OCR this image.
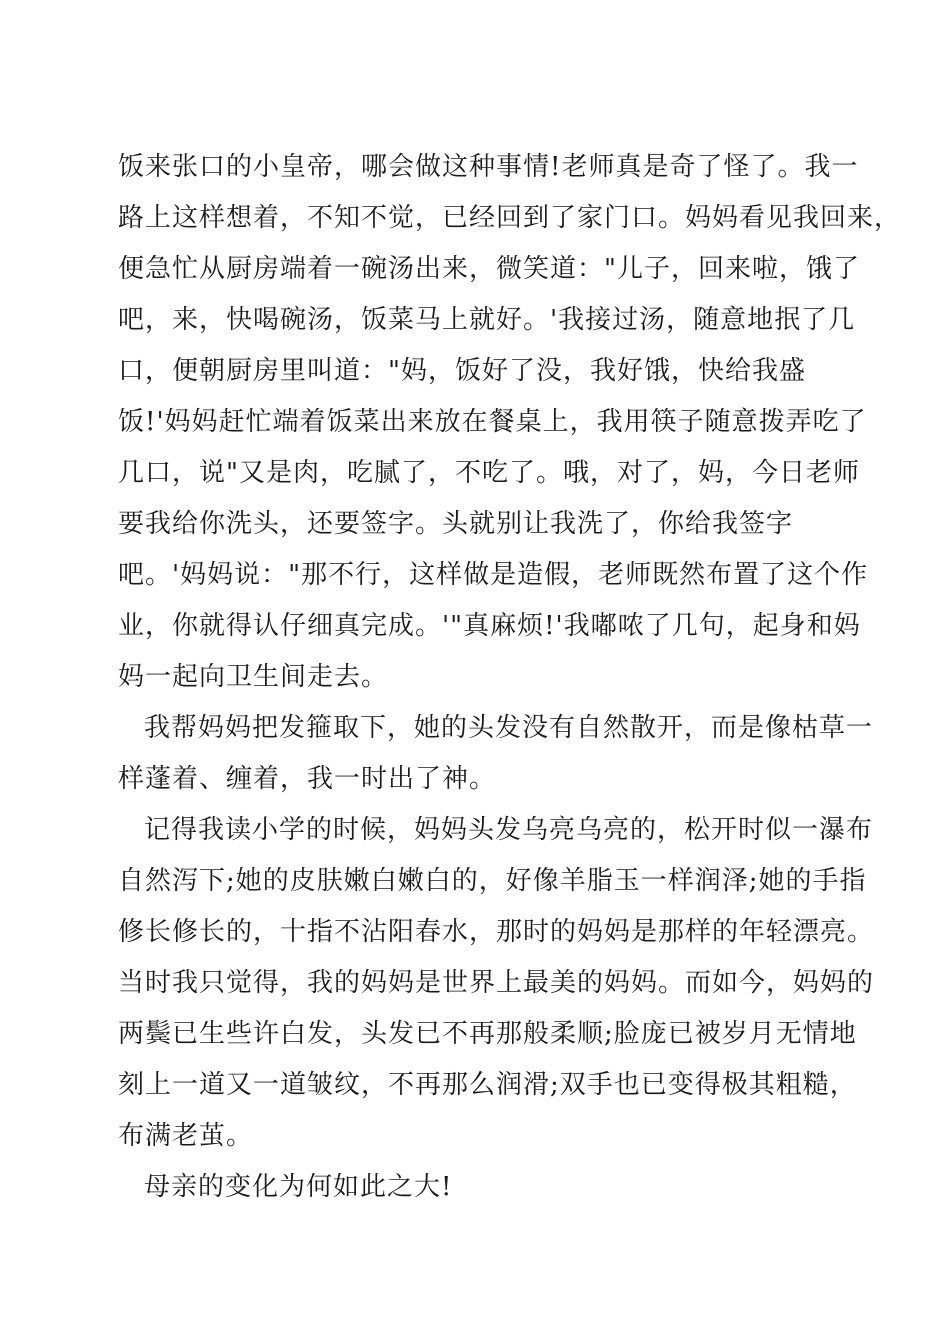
饭来张口的小皇帝，哪会做这种事情!老师真是奇了怪了。我一
路上这样想着，不知不觉，已经回到了家门口。妈妈看见我回来，
便急忙从厨房端着一碗汤出来，微笑道："儿子，回来啦，饿了
吧，来，快喝碗汤，饭菜马上就好。'我接过汤，随意地抿了几
口，便朝厨房里叫道："妈，饭好了没，我好饿，快给我盛
饭!'妈妈赶忙端着饭菜出来放在餐桌上，我用筷子随意拨弄吃了
几口，说"又是肉，吃腻了，不吃了。哦，对了，妈，今日老师
要我给你洗头，还要签字。头就别让我洗了，你给我签字
吧。'妈妈说："那不行，这样做是造假，老师既然布置了这个作
业，你就得认仔细真完成。'"真麻烦!'我嘟哝了几句，起身和妈
妈一起向卫生间走去。
我帮妈妈把发箍取下，她的头发没有自然散开，而是像枯草一
样蓬着、缠着，我一时出了神。
记得我读小学的时候，妈妈头发乌亮乌亮的，松开时似一瀑布
自然泻下;她的皮肤嫩白嫩白的，好像羊脂玉一样润泽;她的手指
修长修长的，十指不沾阳春水，那时的妈妈是那样的年轻漂亮。
当时我只觉得，我的妈妈是世界上最美的妈妈。而如今，妈妈的
两鬓已生些许白发，头发已不再那般柔顺;脸庞已被岁月无情地
刻上一道又一道皱纹，不再那么润滑;双手也已变得极其粗糙，
布满老茧。
母亲的变化为何如此之大!
